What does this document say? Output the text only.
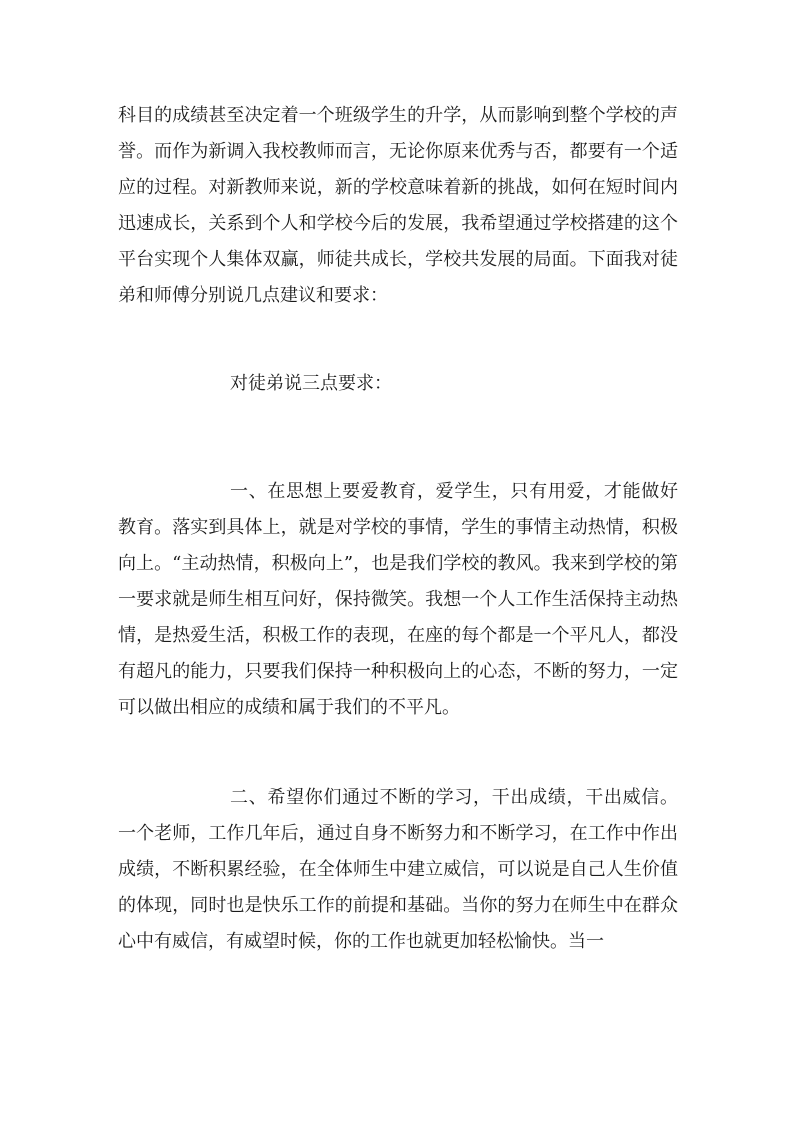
科目的成绩甚至决定着一个班级学生的升学，从而影响到整个学校的声誉。而作为新调入我校教师而言，无论你原来优秀与否，都要有一个适应的过程。对新教师来说，新的学校意味着新的挑战，如何在短时间内迅速成长，关系到个人和学校今后的发展，我希望通过学校搭建的这个平台实现个人集体双赢，师徒共成长，学校共发展的局面。下面我对徒弟和师傅分别说几点建议和要求：

对徒弟说三点要求：

一、在思想上要爱教育，爱学生，只有用爱，才能做好教育。落实到具体上，就是对学校的事情，学生的事情主动热情，积极向上。“主动热情，积极向上”，也是我们学校的教风。我来到学校的第一要求就是师生相互问好，保持微笑。我想一个人工作生活保持主动热情，是热爱生活，积极工作的表现，在座的每个都是一个平凡人，都没有超凡的能力，只要我们保持一种积极向上的心态，不断的努力，一定可以做出相应的成绩和属于我们的不平凡。

二、希望你们通过不断的学习，干出成绩，干出威信。一个老师，工作几年后，通过自身不断努力和不断学习，在工作中作出成绩，不断积累经验，在全体师生中建立威信，可以说是自己人生价值的体现，同时也是快乐工作的前提和基础。当你的努力在师生中在群众心中有威信，有威望时候，你的工作也就更加轻松愉快。当一
